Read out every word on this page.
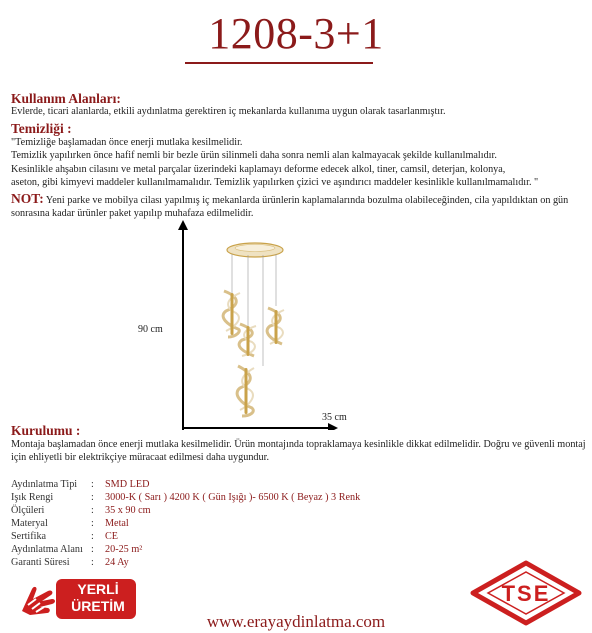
1208-3+1
Kullanım Alanları:
Evlerde, ticari alanlarda, etkili aydınlatma gerektiren iç mekanlarda kullanıma uygun olarak tasarlanmıştır.
Temizliği :
"Temizliğe başlamadan önce enerji mutlaka kesilmelidir.
Temizlik yapılırken önce hafif nemli bir bezle ürün silinmeli daha sonra nemli alan kalmayacak şekilde kullanılmalıdır.
Kesinlikle ahşabın cilasını ve metal parçalar üzerindeki kaplamayı deforme edecek alkol, tiner, camsil, deterjan, kolonya,
aseton, gibi kimyevi maddeler kullanılmamalıdır. Temizlik yapılırken çizici ve aşındırıcı maddeler kesinlikle kullanılmamalıdır. "
NOT: Yeni parke ve mobilya cilası yapılmış iç mekanlarda ürünlerin kaplamalarında bozulma olabileceğinden, cila yapıldıktan on gün sonrasına kadar ürünler paket yapılıp muhafaza edilmelidir.
90 cm
35 cm
Kurulumu :
Montaja başlamadan önce enerji mutlaka kesilmelidir. Ürün montajında topraklamaya kesinlikle dikkat edilmelidir. Doğru ve güvenli montaj için ehliyetli bir elektrikçiye müracaat edilmesi daha uygundur.
Aydınlatma Tipi	: SMD LED
Işık Rengi	: 3000-K ( Sarı ) 4200 K ( Gün Işığı )- 6500 K ( Beyaz ) 3 Renk
Ölçüleri	: 35 x 90 cm
Materyal	: Metal
Sertifika	: CE
Aydınlatma Alanı : 20-25 m²
Garanti Süresi	: 24 Ay
YERLİ
ÜRETİM
www.erayaydinlatma.com
TSE
